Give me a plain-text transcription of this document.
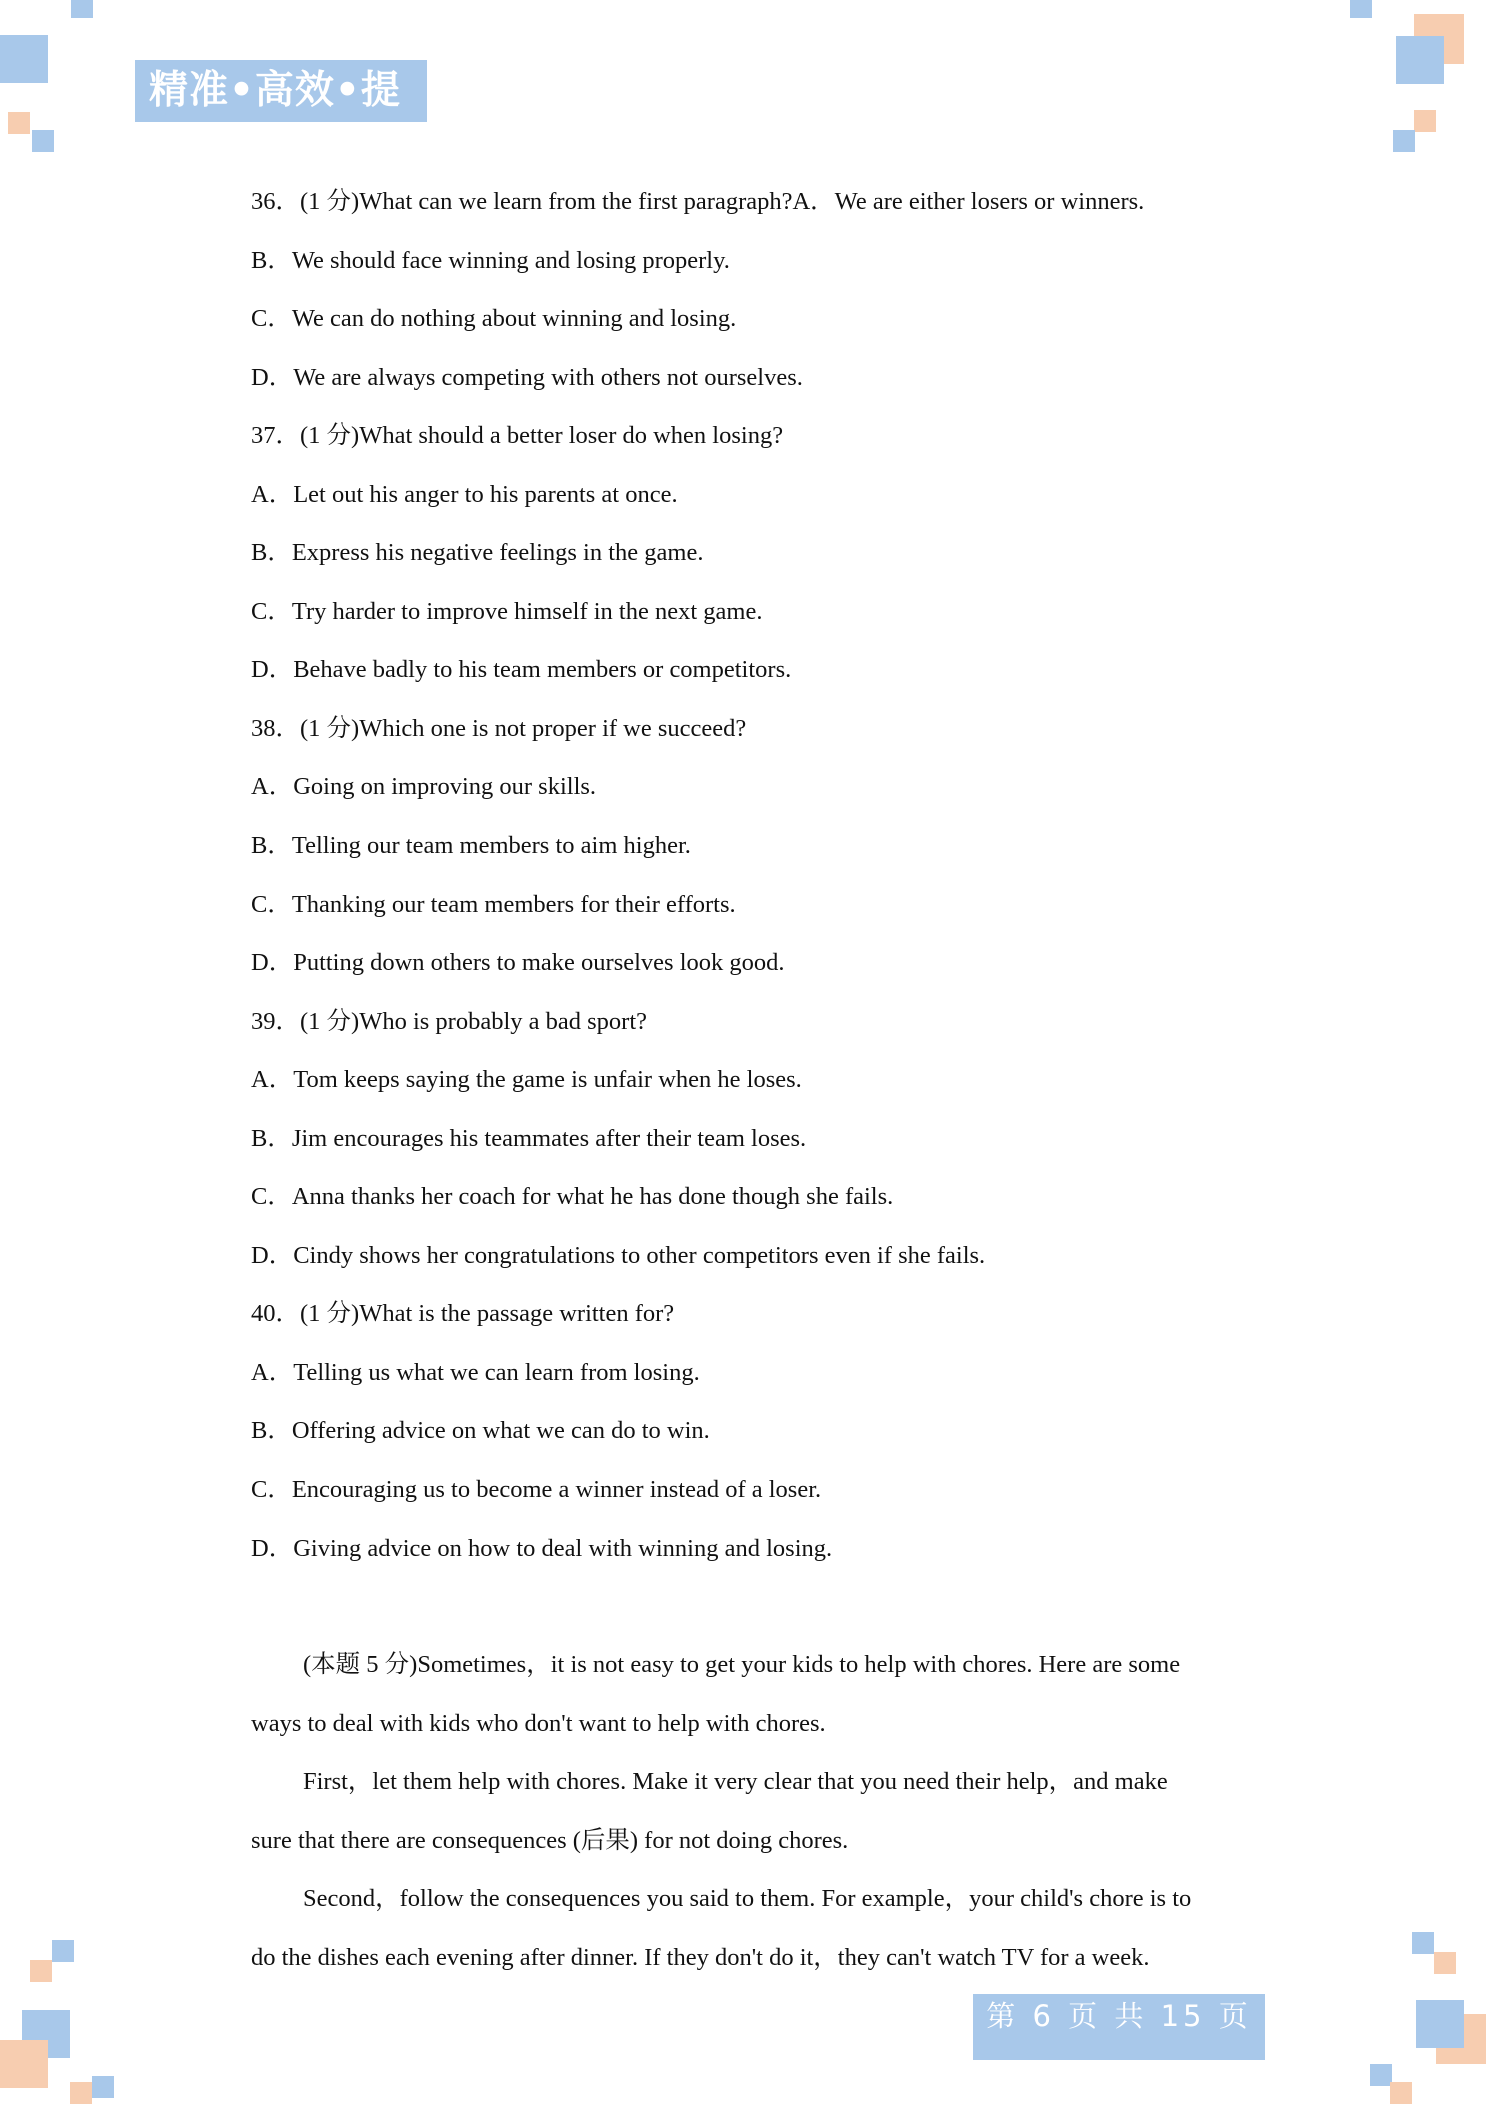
精准•高效•提升
36．(1 分)What can we learn from the first paragraph?A．We are either losers or winners.
B．We should face winning and losing properly.
C．We can do nothing about winning and losing.
D．We are always competing with others not ourselves.
37．(1 分)What should a better loser do when losing?
A．Let out his anger to his parents at once.
B．Express his negative feelings in the game.
C．Try harder to improve himself in the next game.
D．Behave badly to his team members or competitors.
38．(1 分)Which one is not proper if we succeed?
A．Going on improving our skills.
B．Telling our team members to aim higher.
C．Thanking our team members for their efforts.
D．Putting down others to make ourselves look good.
39．(1 分)Who is probably a bad sport?
A．Tom keeps saying the game is unfair when he loses.
B．Jim encourages his teammates after their team loses.
C．Anna thanks her coach for what he has done though she fails.
D．Cindy shows her congratulations to other competitors even if she fails.
40．(1 分)What is the passage written for?
A．Telling us what we can learn from losing.
B．Offering advice on what we can do to win.
C．Encouraging us to become a winner instead of a loser.
D．Giving advice on how to deal with winning and losing.
(本题 5 分)Sometimes，it is not easy to get your kids to help with chores. Here are some
ways to deal with kids who don't want to help with chores.
First，let them help with chores. Make it very clear that you need their help，and make
sure that there are consequences (后果) for not doing chores.
Second，follow the consequences you said to them. For example，your child's chore is to
do the dishes each evening after dinner. If they don't do it，they can't watch TV for a week.
第 6 页 共 15 页
